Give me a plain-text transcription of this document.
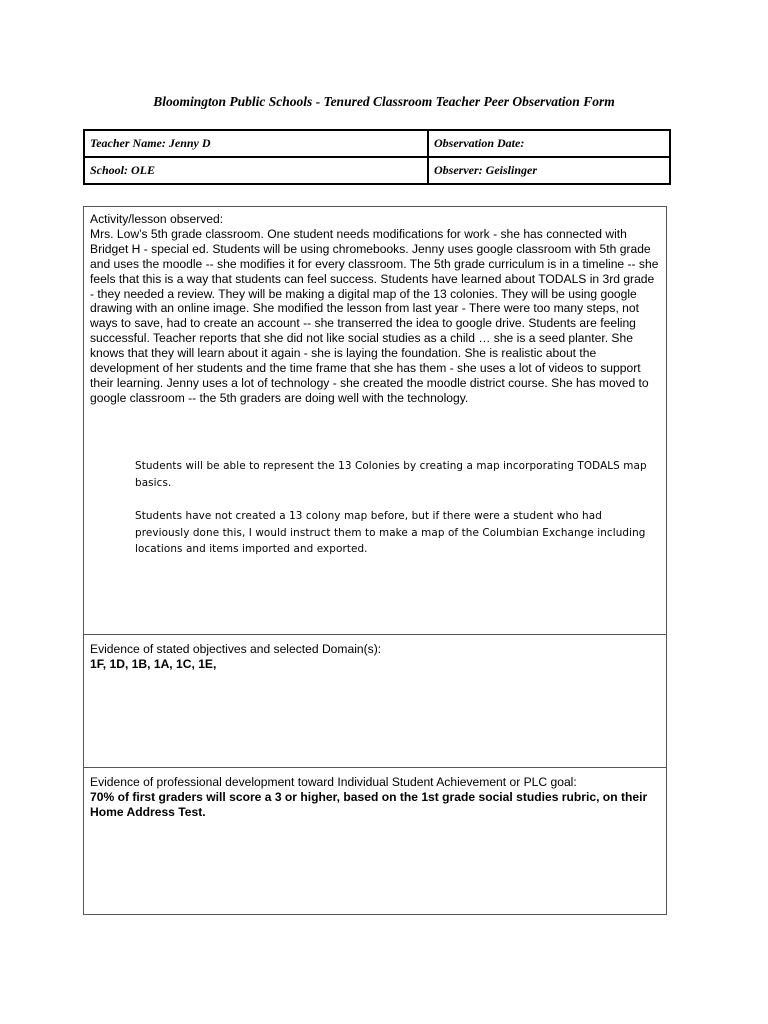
Bloomington Public Schools - Tenured Classroom Teacher Peer Observation Form
Teacher Name: Jenny D	Observation Date:
School: OLE	Observer: Geislinger

Activity/lesson observed:

Mrs. Low’s 5th grade classroom. One student needs modifications for work - she has connected with Bridget H - special ed. Students will be using chromebooks. Jenny uses google classroom with 5th grade and uses the moodle -- she modifies it for every classroom. The 5th grade curriculum is in a timeline -- she feels that this is a way that students can feel success. Students have learned about TODALS in 3rd grade - they needed a review. They will be making a digital map of the 13 colonies. They will be using google drawing with an online image. She modified the lesson from last year - There were too many steps, not ways to save, had to create an account -- she transerred the idea to google drive. Students are feeling successful. Teacher reports that she did not like social studies as a child … she is a seed planter. She knows that they will learn about it again - she is laying the foundation. She is realistic about the development of her students and the time frame that she has them - she uses a lot of videos to support their learning. Jenny uses a lot of technology - she created the moodle district course. She has moved to google classroom -- the 5th graders are doing well with the technology.

Students will be able to represent the 13 Colonies by creating a map incorporating TODALS map basics.
Students have not created a 13 colony map before, but if there were a student who had previously done this, I would instruct them to make a map of the Columbian Exchange including locations and items imported and exported.

Evidence of stated objectives and selected Domain(s):

1F, 1D, 1B, 1A, 1C, 1E,

Evidence of professional development toward Individual Student Achievement or PLC goal:

70% of first graders will score a 3 or higher, based on the 1st grade social studies rubric, on their Home Address Test.
